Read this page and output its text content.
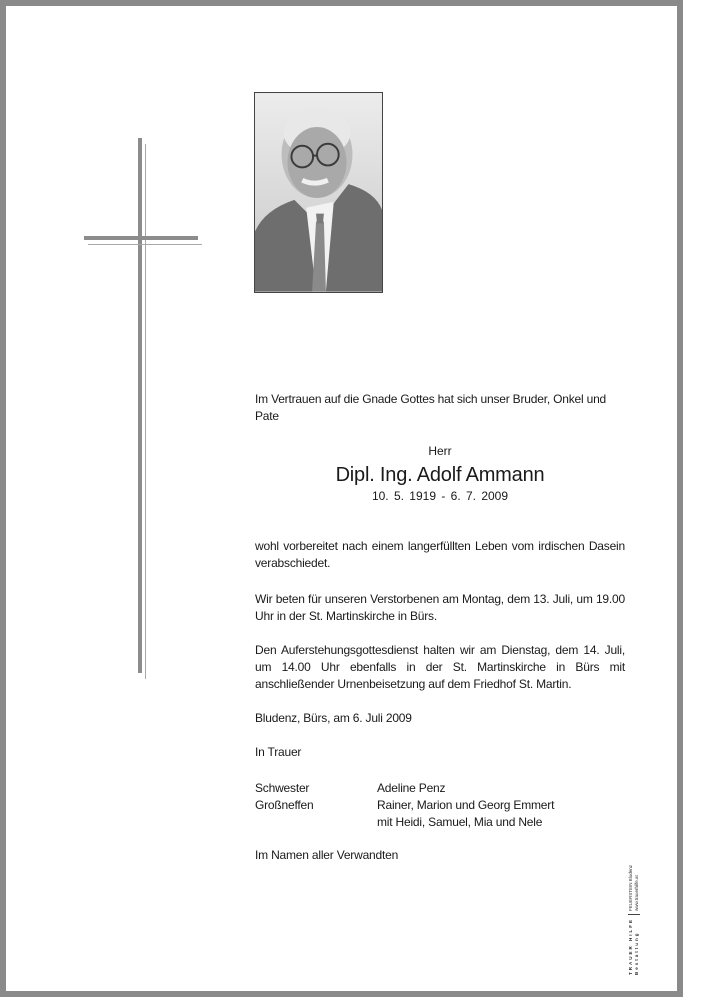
Im Vertrauen auf die Gnade Gottes hat sich unser Bruder, Onkel und Pate
Herr
Dipl. Ing. Adolf Ammann
10. 5. 1919 - 6. 7. 2009
wohl vorbereitet nach einem langerfüllten Leben vom irdischen Dasein verabschiedet.
Wir beten für unseren Verstorbenen am Montag, dem 13. Juli, um 19.00 Uhr in der St. Martinskirche in Bürs.
Den Auferstehungsgottesdienst halten wir am Dienstag, dem 14. Juli, um 14.00 Uhr ebenfalls in der St. Martinskirche in Bürs mit anschließender Urnenbeisetzung auf dem Friedhof St. Martin.
Bludenz, Bürs, am 6. Juli 2009
In Trauer
Schwester	Adeline Penz
Großneffen	Rainer, Marion und Georg Emmert
mit Heidi, Samuel, Mia und Nele
Im Namen aller Verwandten
TRAUER HILFE Bestattung
FEUERSTEIN Bludenz www.trauerhilfe.at
